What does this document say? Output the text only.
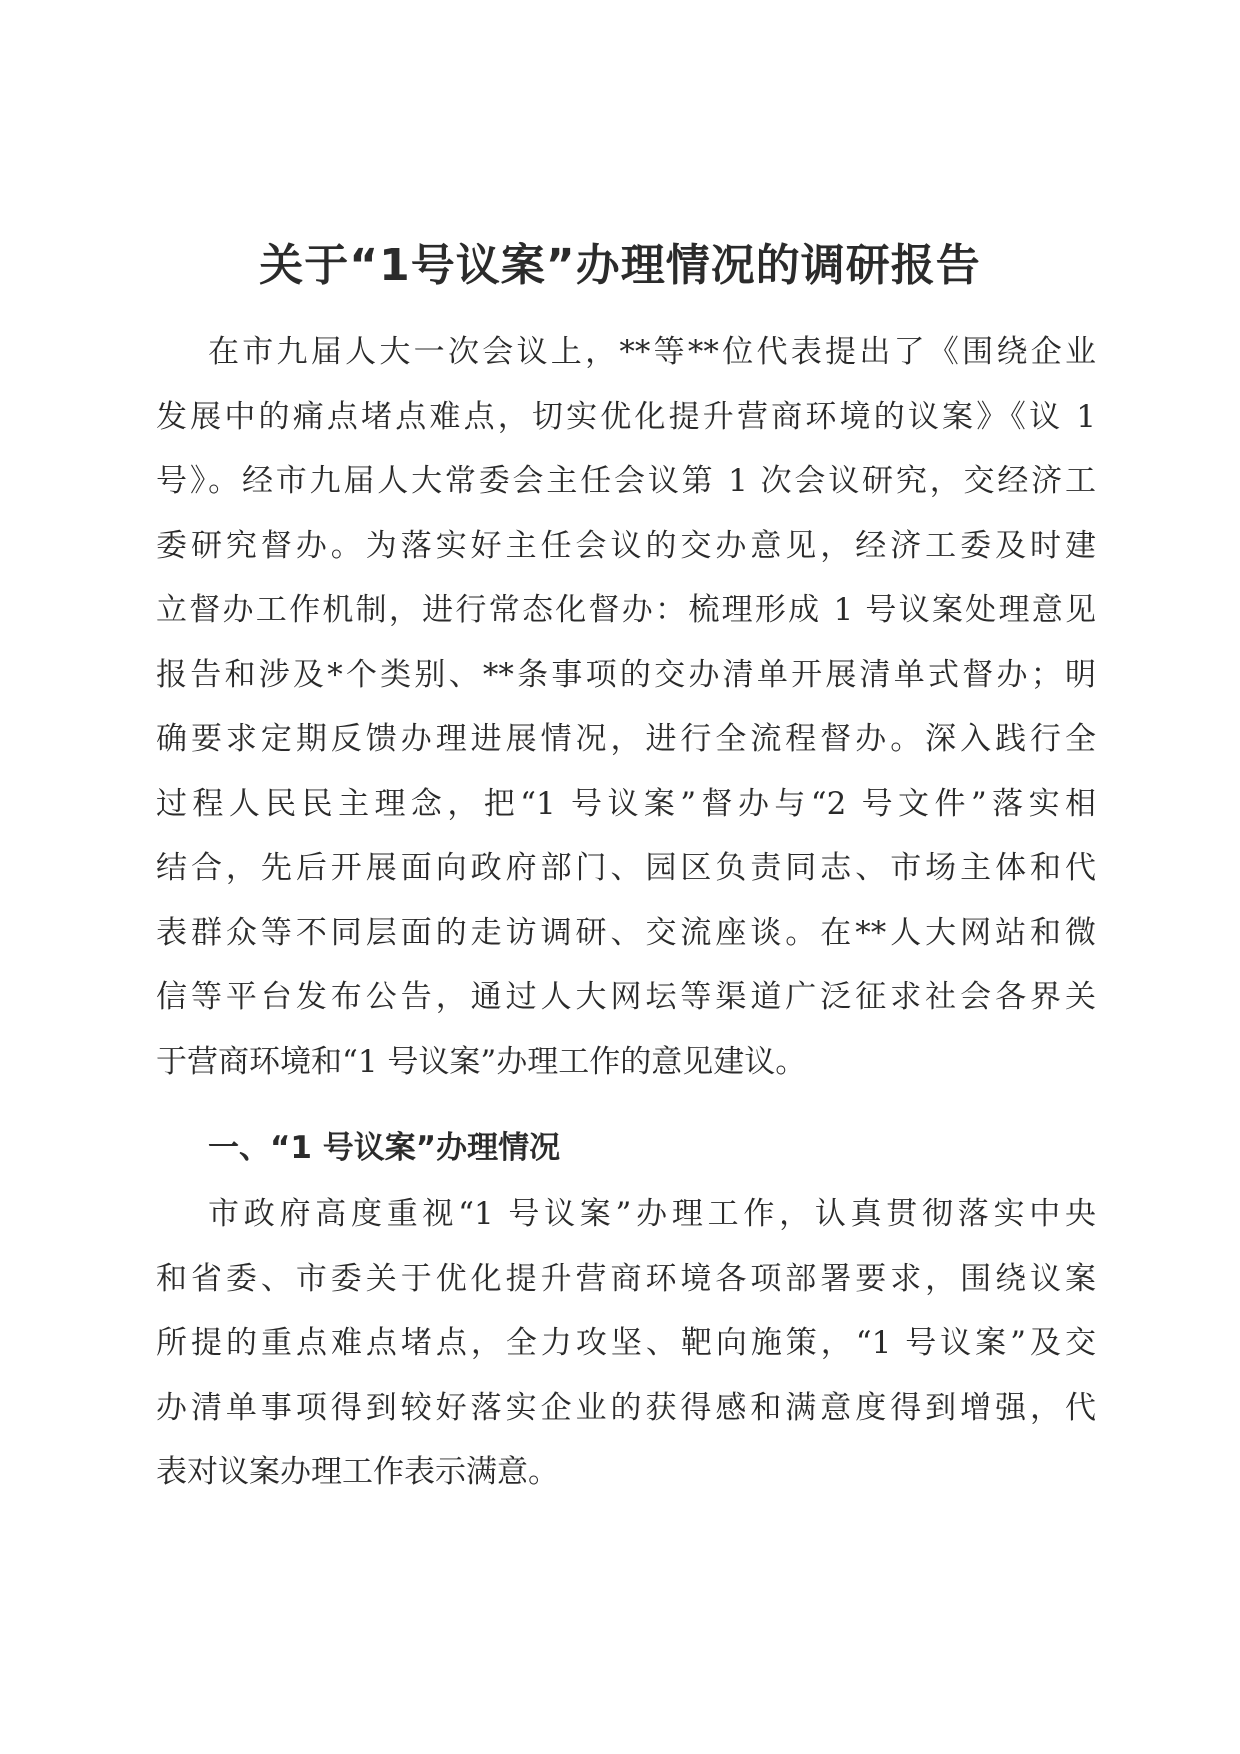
关于“1号议案”办理情况的调研报告
在市九届人大一次会议上，**等**位代表提出了《围绕企业
发展中的痛点堵点难点，切实优化提升营商环境的议案》《议 1
号》。经市九届人大常委会主任会议第 1 次会议研究，交经济工
委研究督办。为落实好主任会议的交办意见，经济工委及时建
立督办工作机制，进行常态化督办：梳理形成 1 号议案处理意见
报告和涉及*个类别、**条事项的交办清单开展清单式督办；明
确要求定期反馈办理进展情况，进行全流程督办。深入践行全
过程人民民主理念，把“1 号议案”督办与“2 号文件”落实相
结合，先后开展面向政府部门、园区负责同志、市场主体和代
表群众等不同层面的走访调研、交流座谈。在**人大网站和微
信等平台发布公告，通过人大网坛等渠道广泛征求社会各界关
于营商环境和“1 号议案”办理工作的意见建议。
一、“1 号议案”办理情况
市政府高度重视“1 号议案”办理工作，认真贯彻落实中央
和省委、市委关于优化提升营商环境各项部署要求，围绕议案
所提的重点难点堵点，全力攻坚、靶向施策，“1 号议案”及交
办清单事项得到较好落实企业的获得感和满意度得到增强，代
表对议案办理工作表示满意。
